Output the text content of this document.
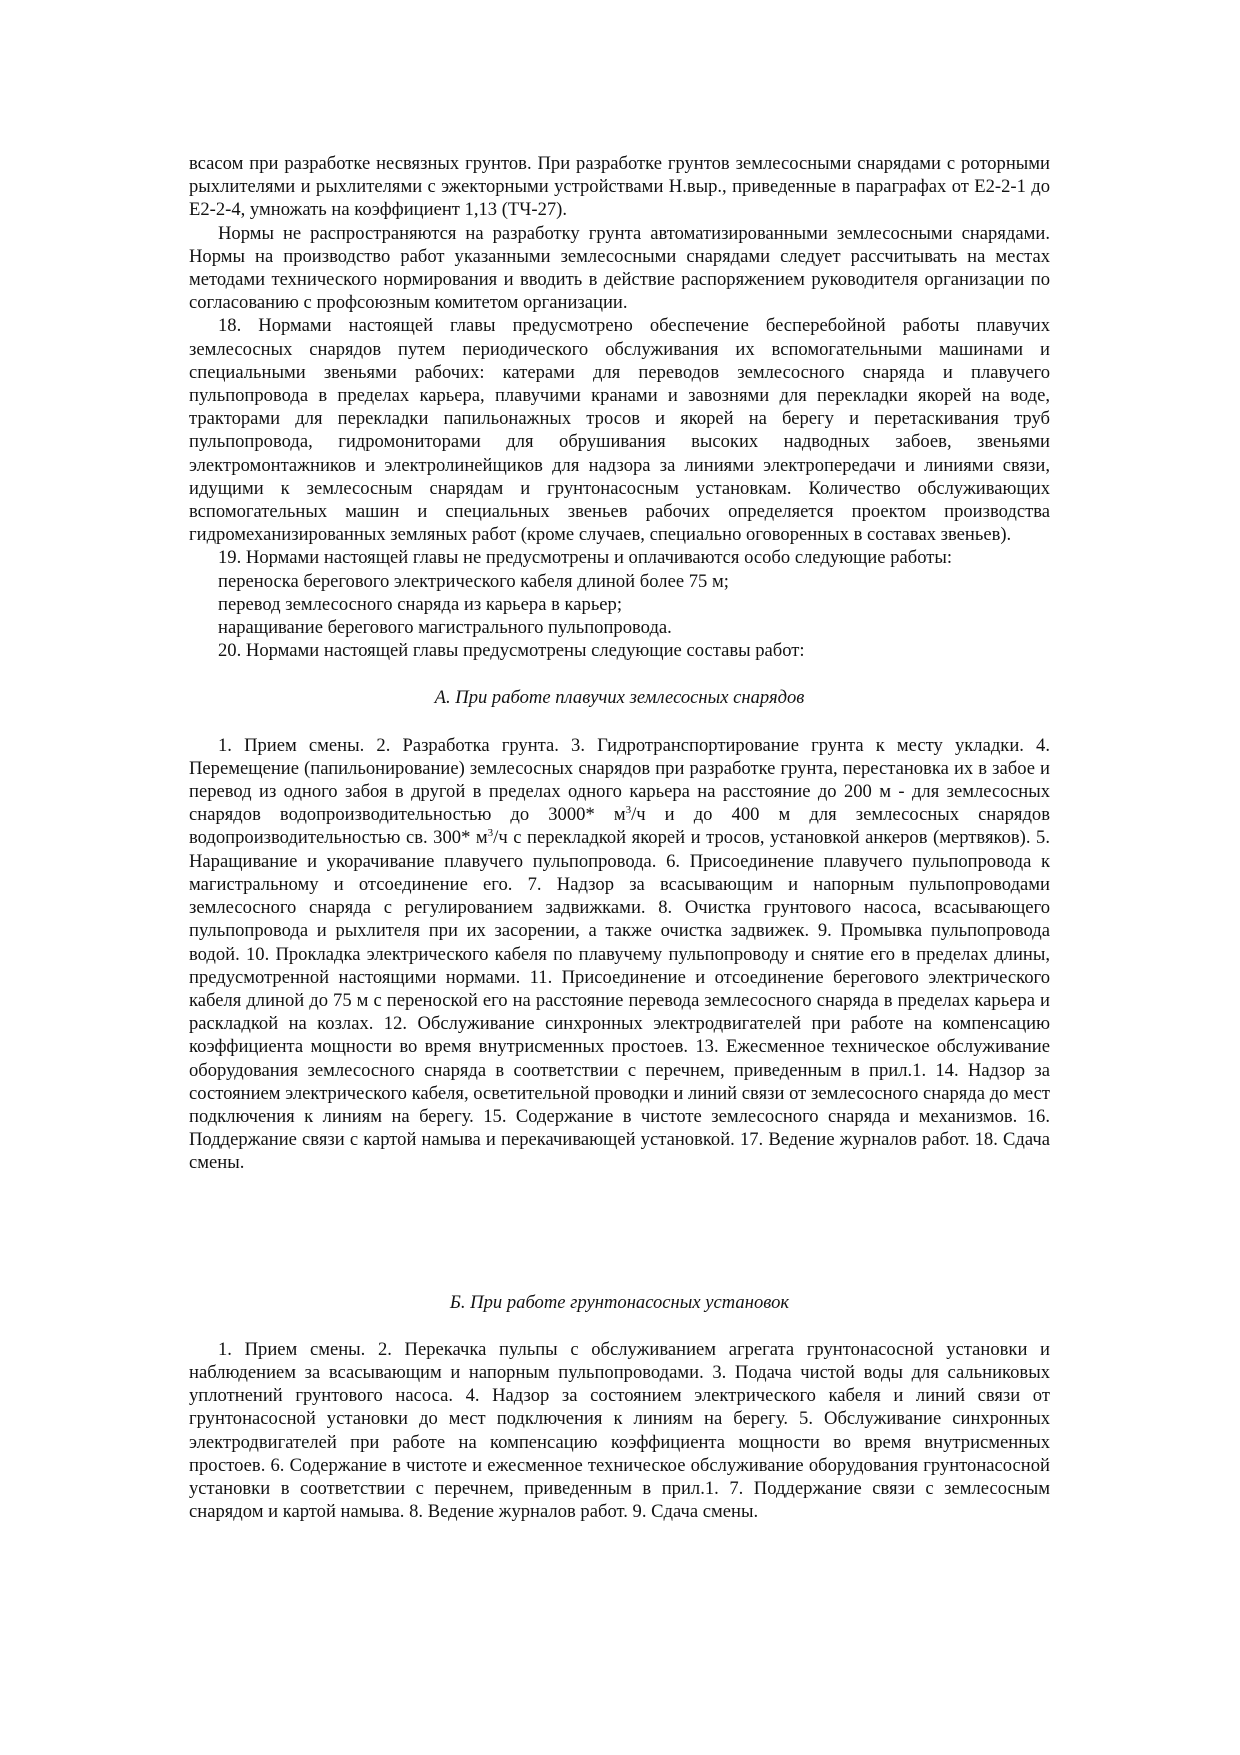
всасом при разработке несвязных грунтов. При разработке грунтов землесосными снарядами с роторными рыхлителями и рыхлителями с эжекторными устройствами Н.выр., приведенные в параграфах от Е2-2-1 до Е2-2-4, умножать на коэффициент 1,13 (ТЧ-27).

Нормы не распространяются на разработку грунта автоматизированными землесосными снарядами. Нормы на производство работ указанными землесосными снарядами следует рассчитывать на местах методами технического нормирования и вводить в действие распоряжением руководителя организации по согласованию с профсоюзным комитетом организации.

18. Нормами настоящей главы предусмотрено обеспечение бесперебойной работы плавучих землесосных снарядов путем периодического обслуживания их вспомогательными машинами и специальными звеньями рабочих: катерами для переводов землесосного снаряда и плавучего пульпопровода в пределах карьера, плавучими кранами и завознями для перекладки якорей на воде, тракторами для перекладки папильонажных тросов и якорей на берегу и перетаскивания труб пульпопровода, гидромониторами для обрушивания высоких надводных забоев, звеньями электромонтажников и электролинейщиков для надзора за линиями электропередачи и линиями связи, идущими к землесосным снарядам и грунтонасосным установкам. Количество обслуживающих вспомогательных машин и специальных звеньев рабочих определяется проектом производства гидромеханизированных земляных работ (кроме случаев, специально оговоренных в составах звеньев).

19. Нормами настоящей главы не предусмотрены и оплачиваются особо следующие работы:

переноска берегового электрического кабеля длиной более 75 м;

перевод землесосного снаряда из карьера в карьер;

наращивание берегового магистрального пульпопровода.

20. Нормами настоящей главы предусмотрены следующие составы работ:

А. При работе плавучих землесосных снарядов

1. Прием смены. 2. Разработка грунта. 3. Гидротранспортирование грунта к месту укладки. 4. Перемещение (папильонирование) землесосных снарядов при разработке грунта, перестановка их в забое и перевод из одного забоя в другой в пределах одного карьера на расстояние до 200 м - для землесосных снарядов водопроизводительностью до 3000* $м^3/ч$ и до 400 м для землесосных снарядов водопроизводительностью св. 300* $м^3/ч$ с перекладкой якорей и тросов, установкой анкеров (мертвяков). 5. Наращивание и укорачивание плавучего пульпопровода. 6. Присоединение плавучего пульпопровода к магистральному и отсоединение его. 7. Надзор за всасывающим и напорным пульпопроводами землесосного снаряда с регулированием задвижками. 8. Очистка грунтового насоса, всасывающего пульпопровода и рыхлителя при их засорении, а также очистка задвижек. 9. Промывка пульпопровода водой. 10. Прокладка электрического кабеля по плавучему пульпопроводу и снятие его в пределах длины, предусмотренной настоящими нормами. 11. Присоединение и отсоединение берегового электрического кабеля длиной до 75 м с переноской его на расстояние перевода землесосного снаряда в пределах карьера и раскладкой на козлах. 12. Обслуживание синхронных электродвигателей при работе на компенсацию коэффициента мощности во время внутрисменных простоев. 13. Ежесменное техническое обслуживание оборудования землесосного снаряда в соответствии с перечнем, приведенным в прил.1. 14. Надзор за состоянием электрического кабеля, осветительной проводки и линий связи от землесосного снаряда до мест подключения к линиям на берегу. 15. Содержание в чистоте землесосного снаряда и механизмов. 16. Поддержание связи с картой намыва и перекачивающей установкой. 17. Ведение журналов работ. 18. Сдача смены.

Б. При работе грунтонасосных установок

1. Прием смены. 2. Перекачка пульпы с обслуживанием агрегата грунтонасосной установки и наблюдением за всасывающим и напорным пульпопроводами. 3. Подача чистой воды для сальниковых уплотнений грунтового насоса. 4. Надзор за состоянием электрического кабеля и линий связи от грунтонасосной установки до мест подключения к линиям на берегу. 5. Обслуживание синхронных электродвигателей при работе на компенсацию коэффициента мощности во время внутрисменных простоев. 6. Содержание в чистоте и ежесменное техническое обслуживание оборудования грунтонасосной установки в соответствии с перечнем, приведенным в прил.1. 7. Поддержание связи с землесосным снарядом и картой намыва. 8. Ведение журналов работ. 9. Сдача смены.
